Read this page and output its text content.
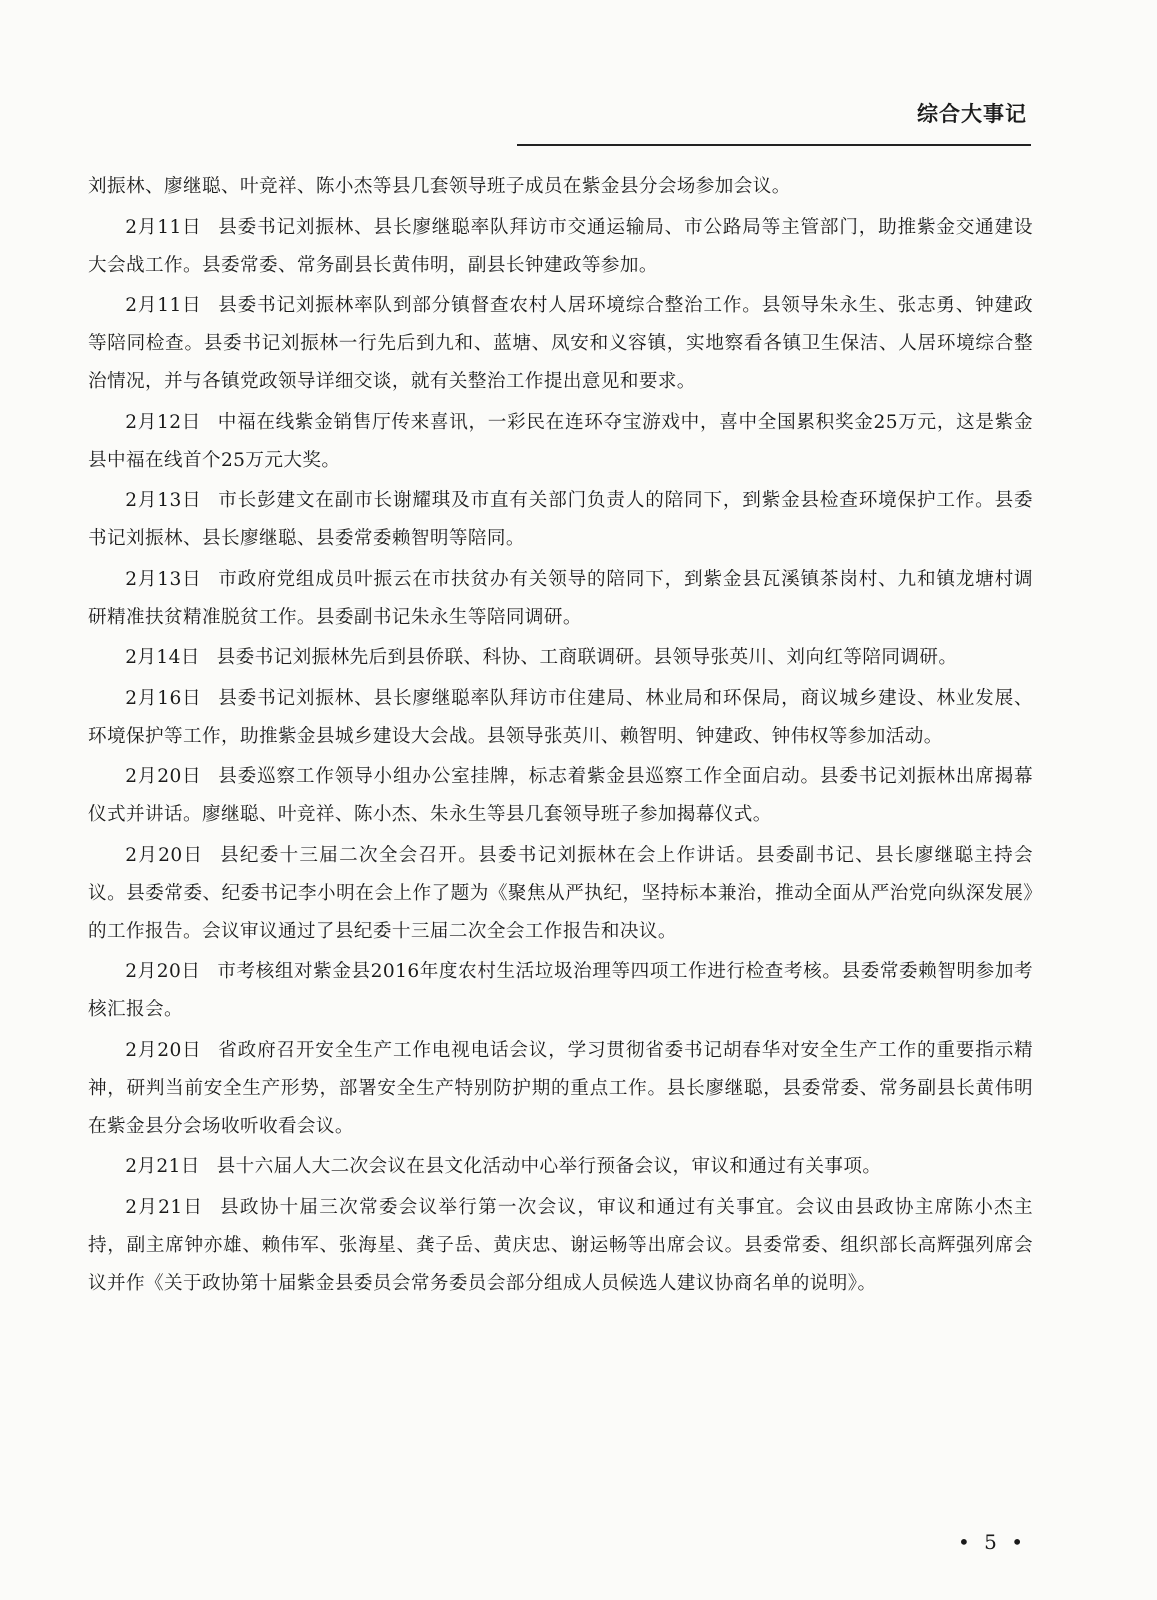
综合大事记

刘振林、廖继聪、叶竞祥、陈小杰等县几套领导班子成员在紫金县分会场参加会议。

2月11日 县委书记刘振林、县长廖继聪率队拜访市交通运输局、市公路局等主管部门，助推紫金交通建设大会战工作。县委常委、常务副县长黄伟明，副县长钟建政等参加。

2月11日 县委书记刘振林率队到部分镇督查农村人居环境综合整治工作。县领导朱永生、张志勇、钟建政等陪同检查。县委书记刘振林一行先后到九和、蓝塘、凤安和义容镇，实地察看各镇卫生保洁、人居环境综合整治情况，并与各镇党政领导详细交谈，就有关整治工作提出意见和要求。

2月12日 中福在线紫金销售厅传来喜讯，一彩民在连环夺宝游戏中，喜中全国累积奖金25万元，这是紫金县中福在线首个25万元大奖。

2月13日 市长彭建文在副市长谢耀琪及市直有关部门负责人的陪同下，到紫金县检查环境保护工作。县委书记刘振林、县长廖继聪、县委常委赖智明等陪同。

2月13日 市政府党组成员叶振云在市扶贫办有关领导的陪同下，到紫金县瓦溪镇茶岗村、九和镇龙塘村调研精准扶贫精准脱贫工作。县委副书记朱永生等陪同调研。

2月14日 县委书记刘振林先后到县侨联、科协、工商联调研。县领导张英川、刘向红等陪同调研。

2月16日 县委书记刘振林、县长廖继聪率队拜访市住建局、林业局和环保局，商议城乡建设、林业发展、环境保护等工作，助推紫金县城乡建设大会战。县领导张英川、赖智明、钟建政、钟伟权等参加活动。

2月20日 县委巡察工作领导小组办公室挂牌，标志着紫金县巡察工作全面启动。县委书记刘振林出席揭幕仪式并讲话。廖继聪、叶竞祥、陈小杰、朱永生等县几套领导班子参加揭幕仪式。

2月20日 县纪委十三届二次全会召开。县委书记刘振林在会上作讲话。县委副书记、县长廖继聪主持会议。县委常委、纪委书记李小明在会上作了题为《聚焦从严执纪，坚持标本兼治，推动全面从严治党向纵深发展》的工作报告。会议审议通过了县纪委十三届二次全会工作报告和决议。

2月20日 市考核组对紫金县2016年度农村生活垃圾治理等四项工作进行检查考核。县委常委赖智明参加考核汇报会。

2月20日 省政府召开安全生产工作电视电话会议，学习贯彻省委书记胡春华对安全生产工作的重要指示精神，研判当前安全生产形势，部署安全生产特别防护期的重点工作。县长廖继聪，县委常委、常务副县长黄伟明在紫金县分会场收听收看会议。

2月21日 县十六届人大二次会议在县文化活动中心举行预备会议，审议和通过有关事项。

2月21日 县政协十届三次常委会议举行第一次会议，审议和通过有关事宜。会议由县政协主席陈小杰主持，副主席钟亦雄、赖伟军、张海星、龚子岳、黄庆忠、谢运畅等出席会议。县委常委、组织部长高辉强列席会议并作《关于政协第十届紫金县委员会常务委员会部分组成人员候选人建议协商名单的说明》。

• 5 •
